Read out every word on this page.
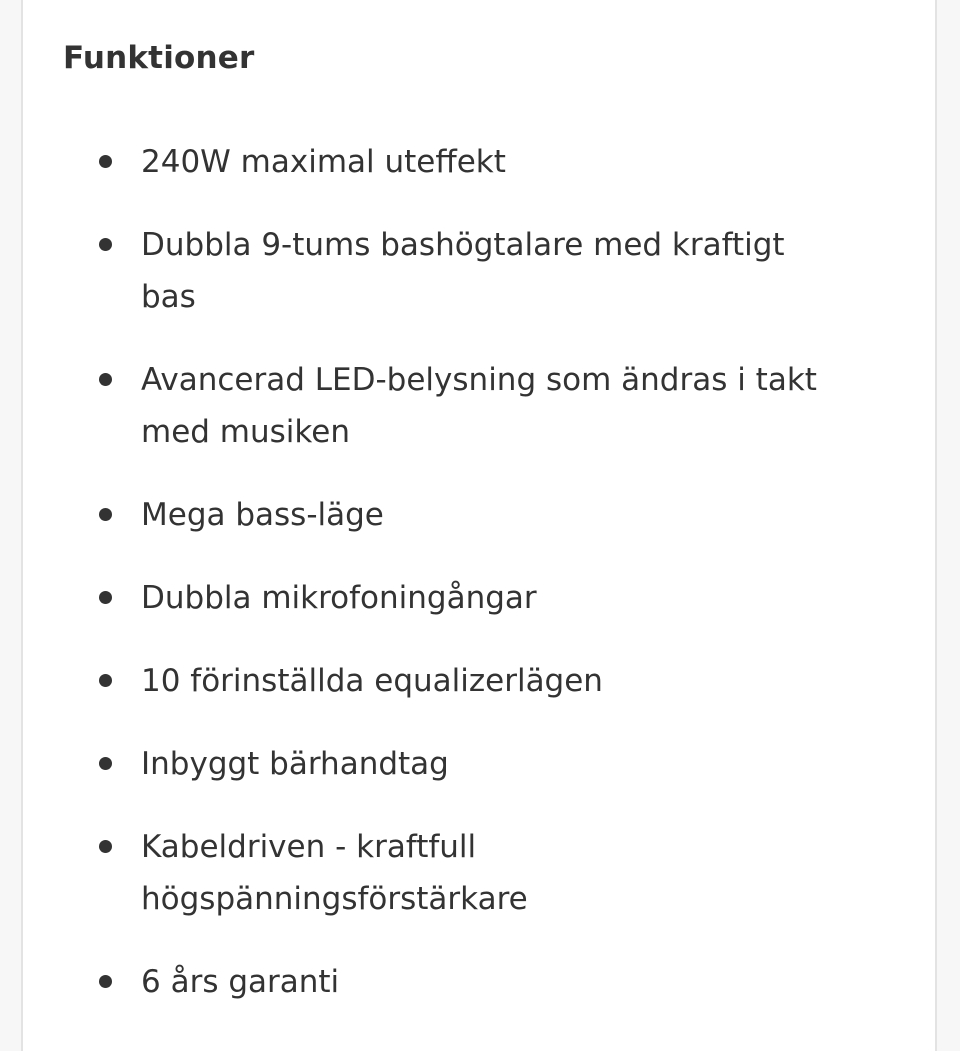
Funktioner
240W maximal uteffekt
Dubbla 9-tums bashögtalare med kraftigt bas
Avancerad LED-belysning som ändras i takt med musiken
Mega bass-läge
Dubbla mikrofoningångar
10 förinställda equalizerlägen
Inbyggt bärhandtag
Kabeldriven - kraftfull högspänningsförstärkare
6 års garanti
